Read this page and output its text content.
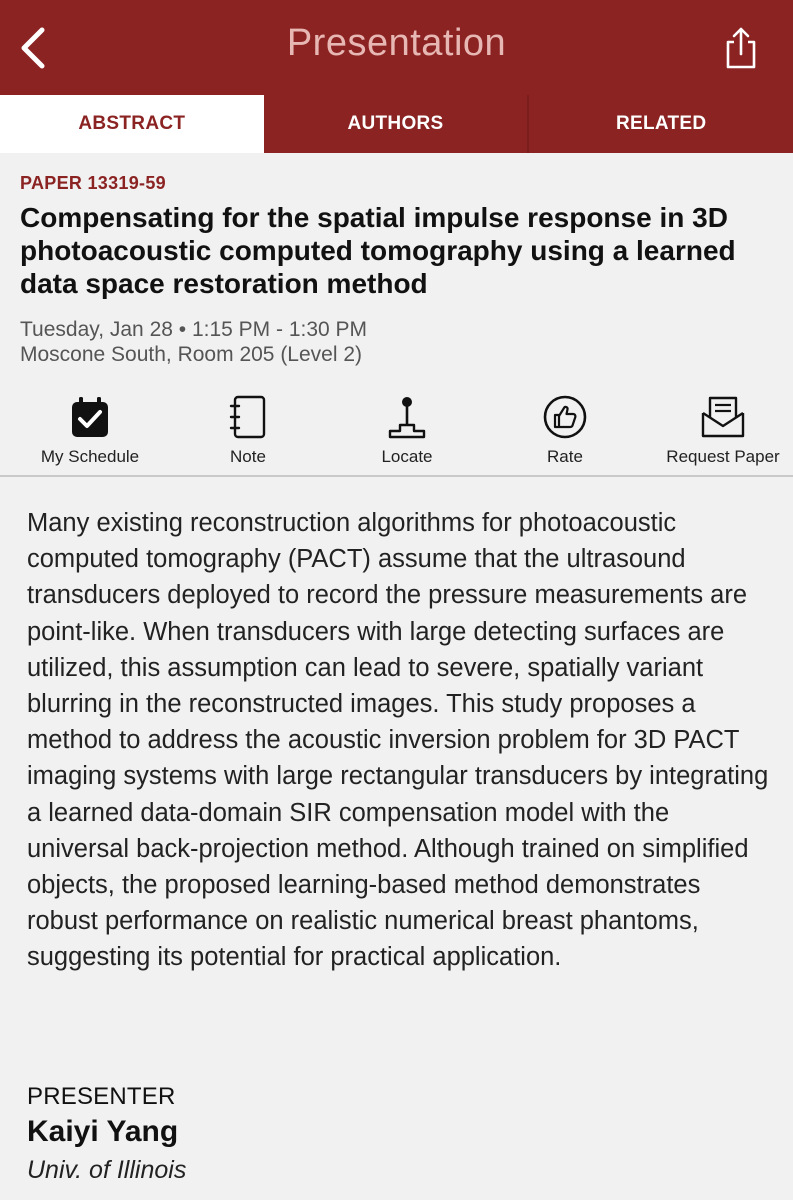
Presentation
ABSTRACT	AUTHORS	RELATED
PAPER 13319-59
Compensating for the spatial impulse response in 3D photoacoustic computed tomography using a learned data space restoration method
Tuesday, Jan 28 • 1:15 PM - 1:30 PM
Moscone South, Room 205 (Level 2)
My Schedule	Note	Locate	Rate	Request Paper
Many existing reconstruction algorithms for photoacoustic computed tomography (PACT) assume that the ultrasound transducers deployed to record the pressure measurements are point-like. When transducers with large detecting surfaces are utilized, this assumption can lead to severe, spatially variant blurring in the reconstructed images. This study proposes a method to address the acoustic inversion problem for 3D PACT imaging systems with large rectangular transducers by integrating a learned data-domain SIR compensation model with the universal back-projection method. Although trained on simplified objects, the proposed learning-based method demonstrates robust performance on realistic numerical breast phantoms, suggesting its potential for practical application.
PRESENTER
Kaiyi Yang
Univ. of Illinois
